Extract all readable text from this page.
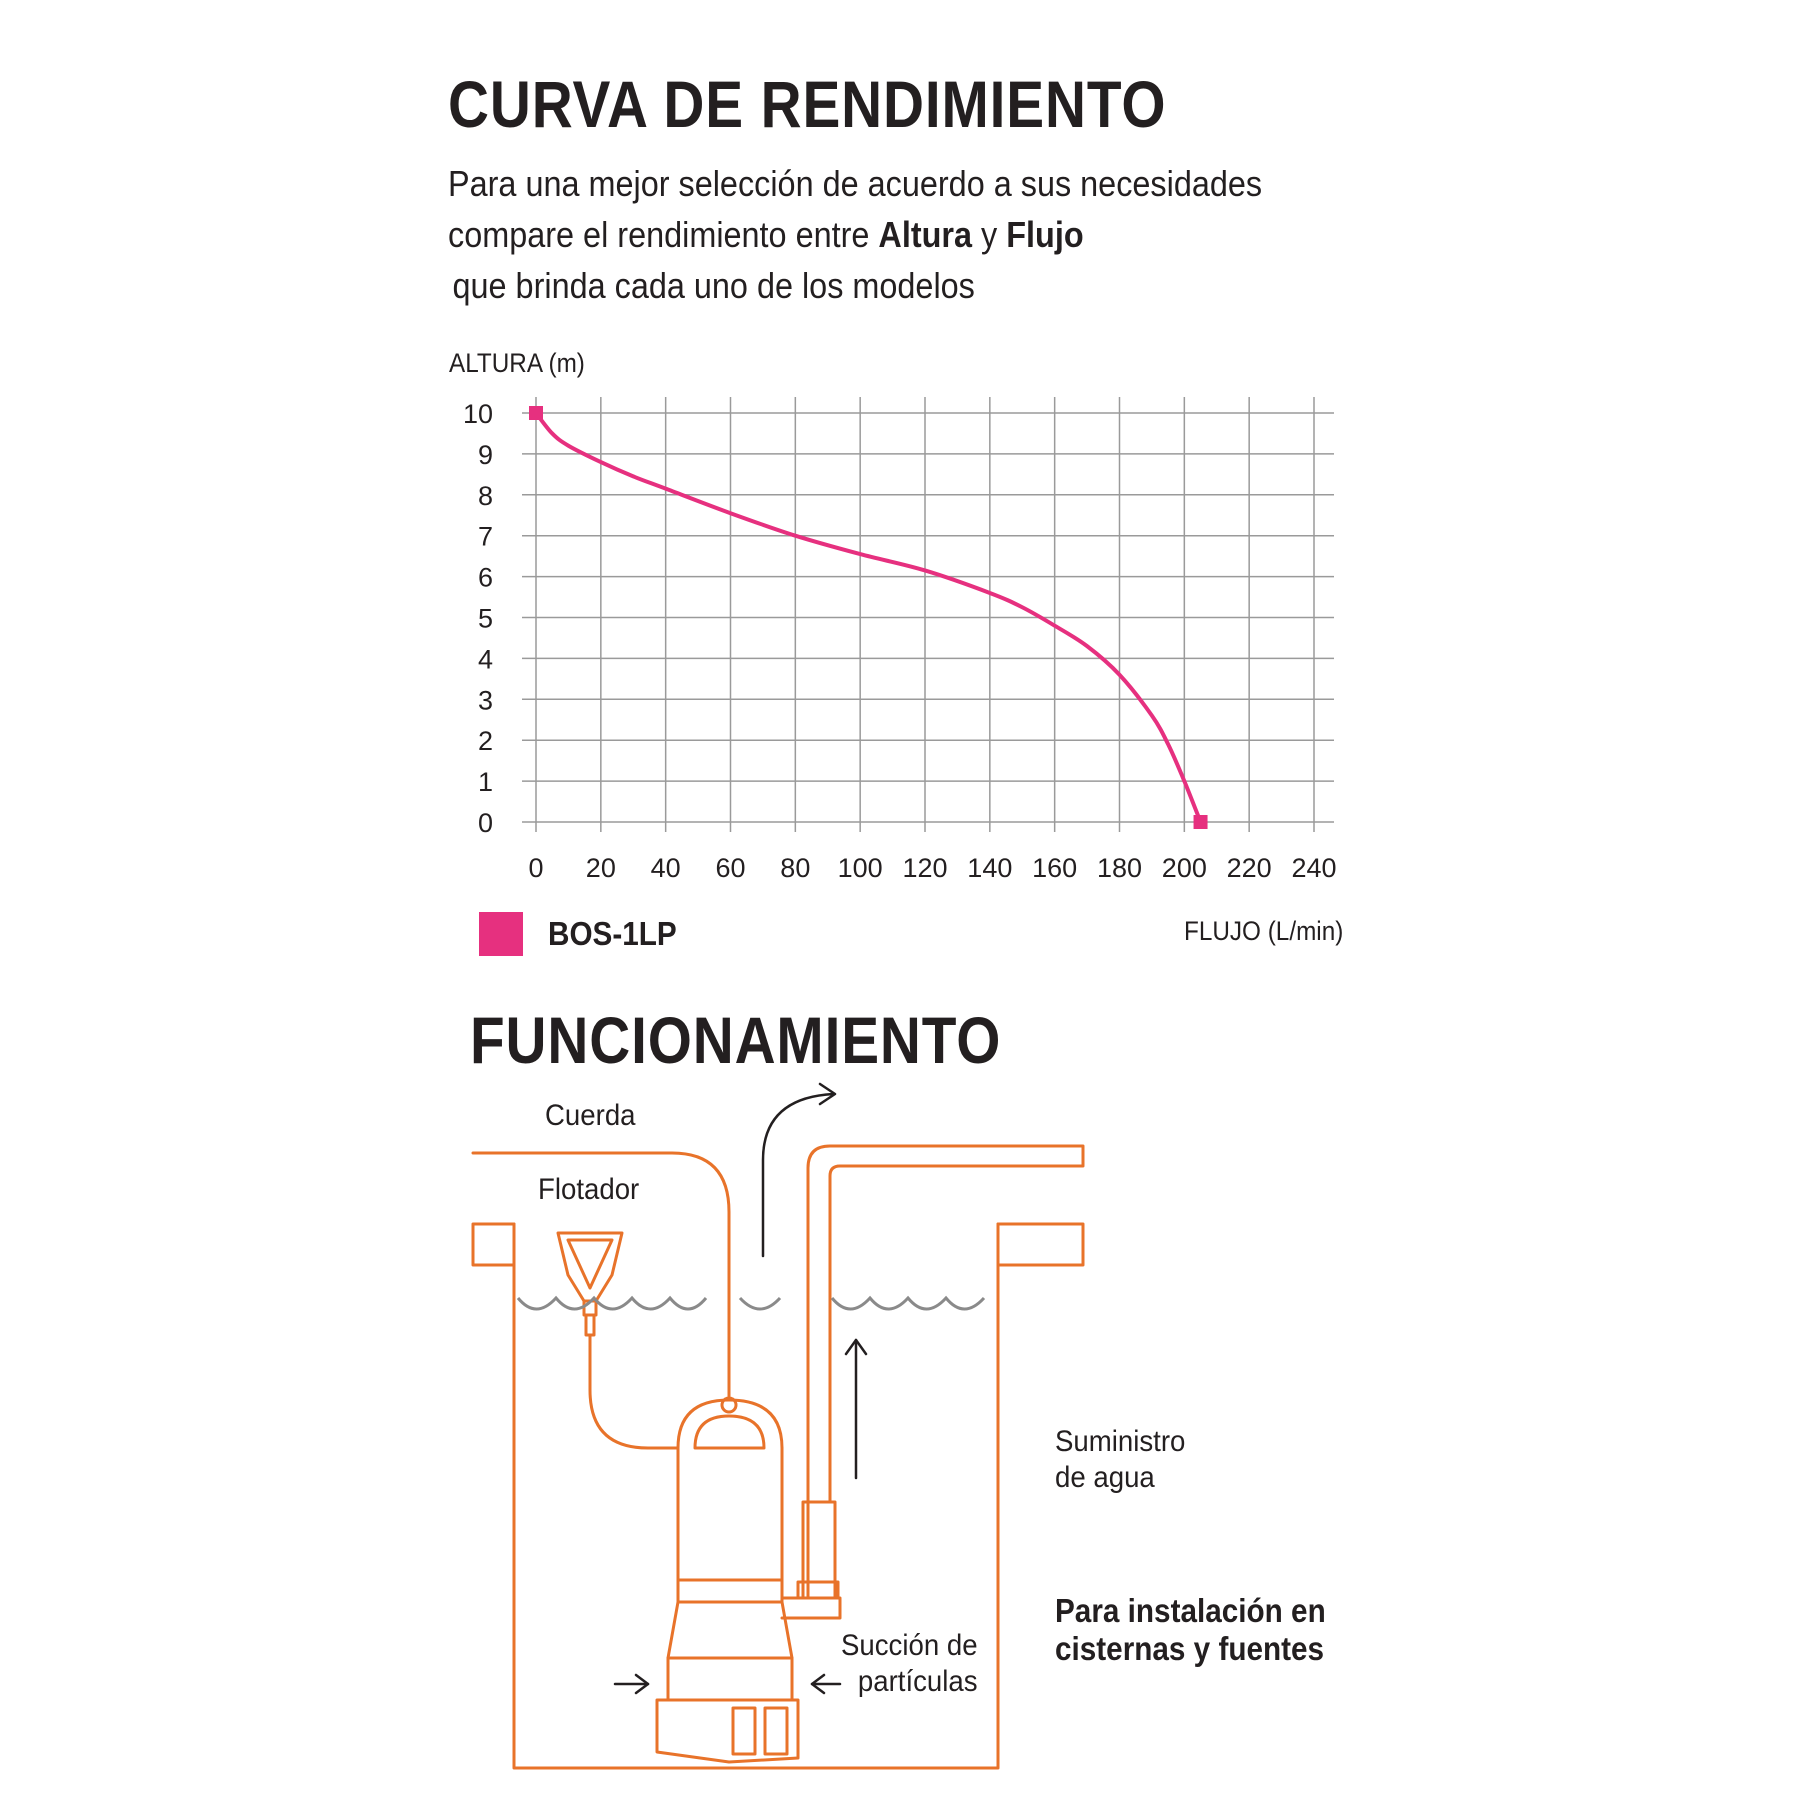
CURVA DE RENDIMIENTO
Para una mejor selección de acuerdo a sus necesidades
compare el rendimiento entre Altura y Flujo
que brinda cada uno de los modelos
ALTURA (m)
0
1
2
3
4
5
6
7
8
9
10
0 20 40 60 80 100 120 140 160 180 200 220 240
BOS-1LP	FLUJO (L/min)
FUNCIONAMIENTO
Cuerda
Flotador
Suministro
de agua
Succión de
partículas
Para instalación en
cisternas y fuentes
